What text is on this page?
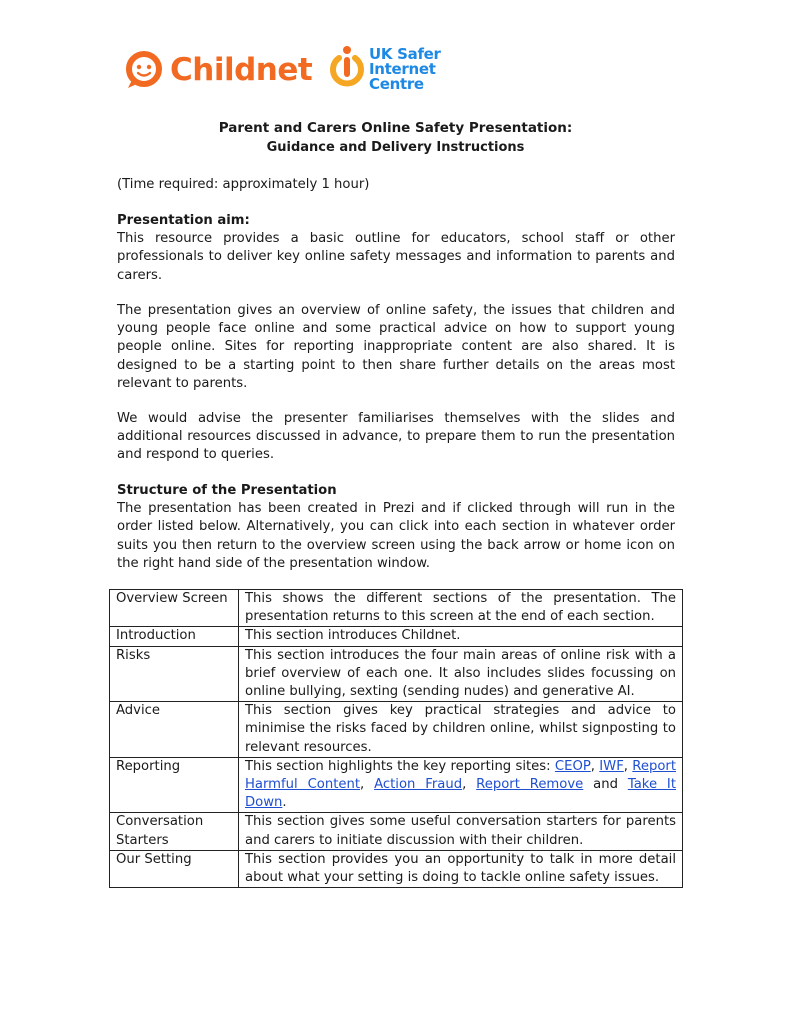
Childnet	UK Safer
Internet
Centre
Parent and Carers Online Safety Presentation:
Guidance and Delivery Instructions
(Time required: approximately 1 hour)
Presentation aim:
This resource provides a basic outline for educators, school staff or other professionals to deliver key online safety messages and information to parents and carers.
The presentation gives an overview of online safety, the issues that children and young people face online and some practical advice on how to support young people online. Sites for reporting inappropriate content are also shared. It is designed to be a starting point to then share further details on the areas most relevant to parents.
We would advise the presenter familiarises themselves with the slides and additional resources discussed in advance, to prepare them to run the presentation and respond to queries.
Structure of the Presentation
The presentation has been created in Prezi and if clicked through will run in the order listed below. Alternatively, you can click into each section in whatever order suits you then return to the overview screen using the back arrow or home icon on the right hand side of the presentation window.
Overview Screen	This shows the different sections of the presentation. The presentation returns to this screen at the end of each section.
Introduction	This section introduces Childnet.
Risks	This section introduces the four main areas of online risk with a brief overview of each one. It also includes slides focussing on online bullying, sexting (sending nudes) and generative AI.
Advice	This section gives key practical strategies and advice to minimise the risks faced by children online, whilst signposting to relevant resources.
Reporting	This section highlights the key reporting sites: CEOP, IWF, Report Harmful Content, Action Fraud, Report Remove and Take It Down.
Conversation Starters	This section gives some useful conversation starters for parents and carers to initiate discussion with their children.
Our Setting	This section provides you an opportunity to talk in more detail about what your setting is doing to tackle online safety issues.
